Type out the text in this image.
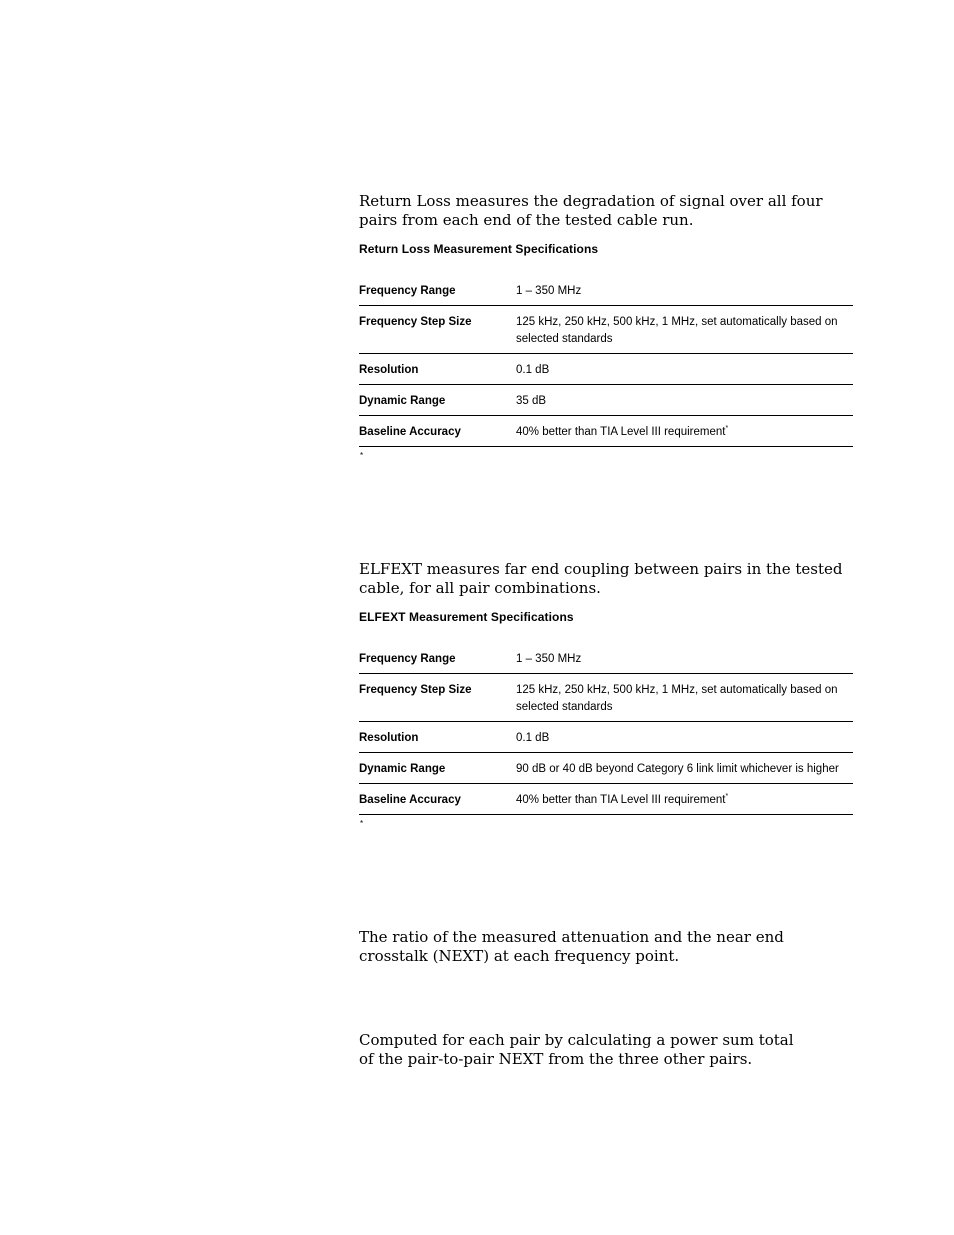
Return Loss measures the degradation of signal over all four pairs from each end of the tested cable run.

Return Loss Measurement Specifications

Frequency Range	1 – 350 MHz
Frequency Step Size	125 kHz, 250 kHz, 500 kHz, 1 MHz, set automatically based on selected standards
Resolution	0.1 dB
Dynamic Range	35 dB
Baseline Accuracy	40% better than TIA Level III requirement*
*

ELFEXT measures far end coupling between pairs in the tested cable, for all pair combinations.

ELFEXT Measurement Specifications

Frequency Range	1 – 350 MHz
Frequency Step Size	125 kHz, 250 kHz, 500 kHz, 1 MHz, set automatically based on selected standards
Resolution	0.1 dB
Dynamic Range	90 dB or 40 dB beyond Category 6 link limit whichever is higher
Baseline Accuracy	40% better than TIA Level III requirement*
*

The ratio of the measured attenuation and the near end crosstalk (NEXT) at each frequency point.

Computed for each pair by calculating a power sum total of the pair-to-pair NEXT from the three other pairs.
